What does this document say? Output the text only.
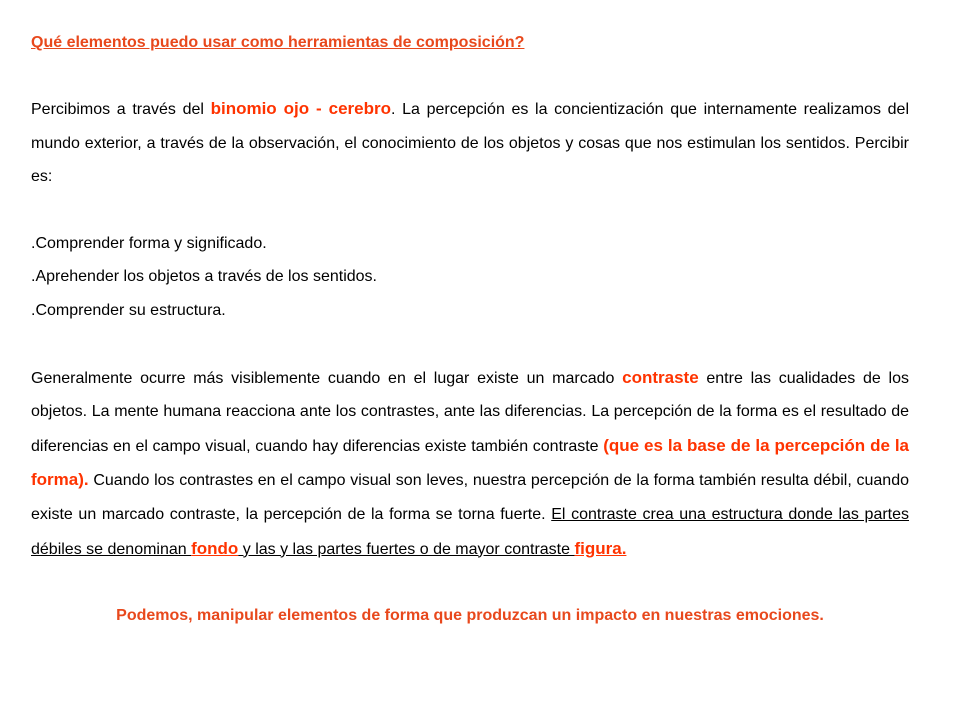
Qué elementos puedo usar como herramientas de composición?

Percibimos a través del binomio ojo - cerebro. La percepción es la concientización que internamente realizamos del mundo exterior, a través de la observación, el conocimiento de los objetos y cosas que nos estimulan los sentidos. Percibir es:

.Comprender forma y significado.

.Aprehender los objetos a través de los sentidos.

.Comprender su estructura.

Generalmente ocurre más visiblemente cuando en el lugar existe un marcado contraste entre las cualidades de los objetos. La mente humana reacciona ante los contrastes, ante las diferencias. La percepción de la forma es el resultado de diferencias en el campo visual, cuando hay diferencias existe también contraste (que es la base de la percepción de la forma). Cuando los contrastes en el campo visual son leves, nuestra percepción de la forma también resulta débil, cuando existe un marcado contraste, la percepción de la forma se torna fuerte. El contraste crea una estructura donde las partes débiles se denominan fondo y las y las partes fuertes o de mayor contraste figura.

Podemos, manipular elementos de forma que produzcan un impacto en nuestras emociones.
